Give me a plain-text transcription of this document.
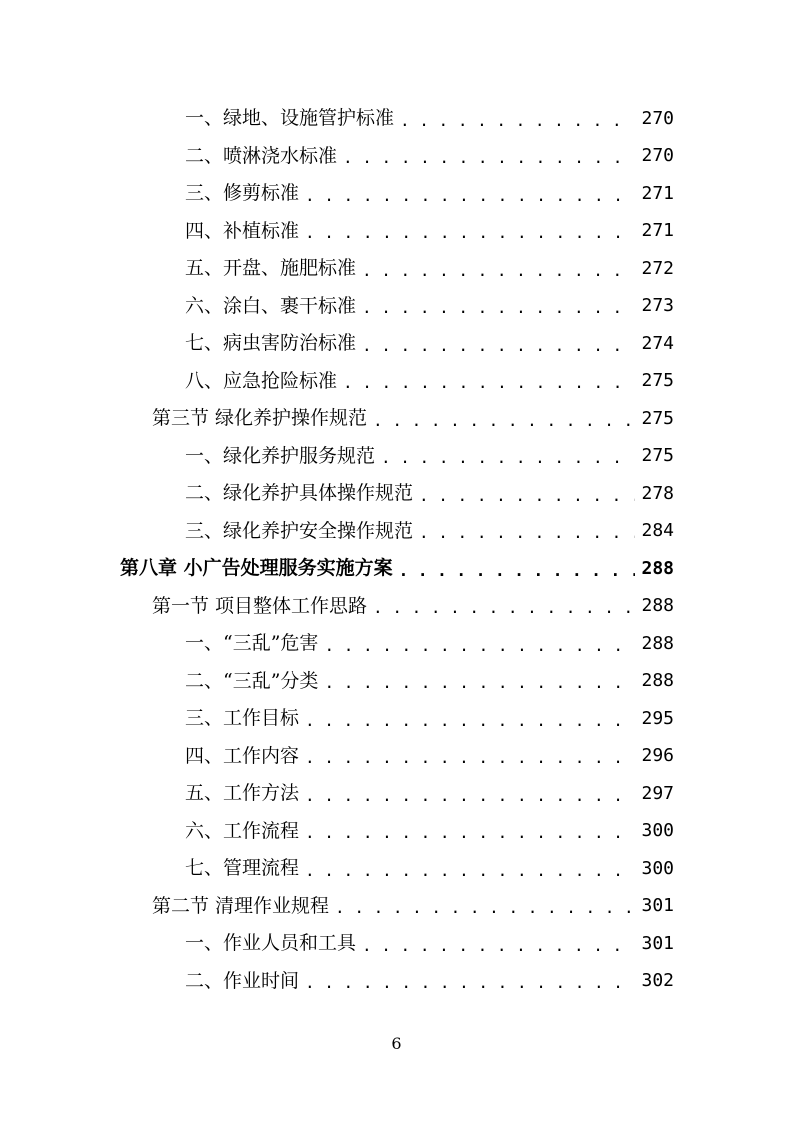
一、绿地、设施管护标准 . . .	270
二、喷淋浇水标准 . . .	270
三、修剪标准 . . .	271
四、补植标准 . . .	271
五、开盘、施肥标准 . . .	272
六、涂白、裹干标准 . . .	273
七、病虫害防治标准 . . .	274
八、应急抢险标准 . . .	275
第三节 绿化养护操作规范 . . .	275
一、绿化养护服务规范 . . .	275
二、绿化养护具体操作规范 . . .	278
三、绿化养护安全操作规范 . . .	284
第八章 小广告处理服务实施方案 . . .	288
第一节 项目整体工作思路 . . .	288
一、“三乱”危害 . . .	288
二、“三乱”分类 . . .	288
三、工作目标 . . .	295
四、工作内容 . . .	296
五、工作方法 . . .	297
六、工作流程 . . .	300
七、管理流程 . . .	300
第二节 清理作业规程 . . .	301
一、作业人员和工具 . . .	301
二、作业时间 . . .	302
6
